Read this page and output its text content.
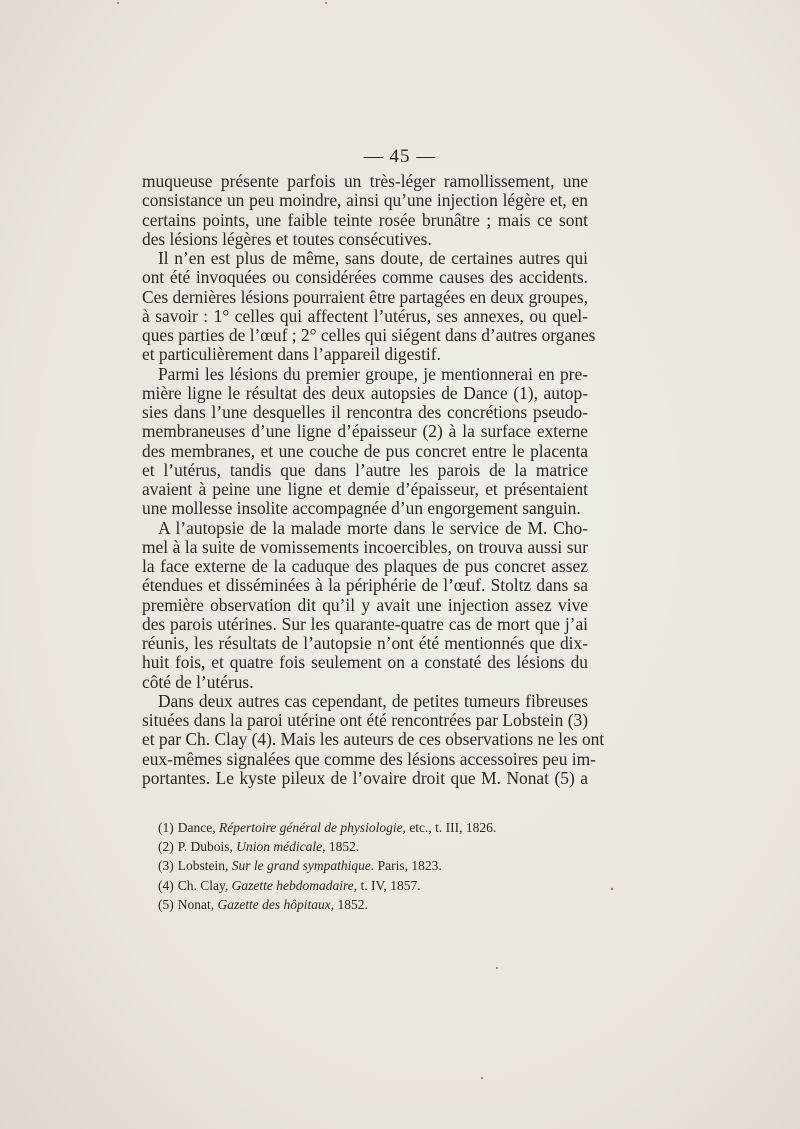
— 45 —

muqueuse présente parfois un très-léger ramollissement, une
consistance un peu moindre, ainsi qu’une injection légère et, en
certains points, une faible teinte rosée brunâtre ; mais ce sont
des lésions légères et toutes consécutives.

Il n’en est plus de même, sans doute, de certaines autres qui
ont été invoquées ou considérées comme causes des accidents.
Ces dernières lésions pourraient être partagées en deux groupes,
à savoir : 1° celles qui affectent l’utérus, ses annexes, ou quel-
ques parties de l’œuf ; 2° celles qui siégent dans d’autres organes
et particulièrement dans l’appareil digestif.

Parmi les lésions du premier groupe, je mentionnerai en pre-
mière ligne le résultat des deux autopsies de Dance (1), autop-
sies dans l’une desquelles il rencontra des concrétions pseudo-
membraneuses d’une ligne d’épaisseur (2) à la surface externe
des membranes, et une couche de pus concret entre le placenta
et l’utérus, tandis que dans l’autre les parois de la matrice
avaient à peine une ligne et demie d’épaisseur, et présentaient
une mollesse insolite accompagnée d’un engorgement sanguin.

A l’autopsie de la malade morte dans le service de M. Cho-
mel à la suite de vomissements incoercibles, on trouva aussi sur
la face externe de la caduque des plaques de pus concret assez
étendues et disséminées à la périphérie de l’œuf. Stoltz dans sa
première observation dit qu’il y avait une injection assez vive
des parois utérines. Sur les quarante-quatre cas de mort que j’ai
réunis, les résultats de l’autopsie n’ont été mentionnés que dix-
huit fois, et quatre fois seulement on a constaté des lésions du
côté de l’utérus.

Dans deux autres cas cependant, de petites tumeurs fibreuses
situées dans la paroi utérine ont été rencontrées par Lobstein (3)
et par Ch. Clay (4). Mais les auteurs de ces observations ne les ont
eux-mêmes signalées que comme des lésions accessoires peu im-
portantes. Le kyste pileux de l’ovaire droit que M. Nonat (5) a

(1) Dance, Répertoire général de physiologie, etc., t. III, 1826.
(2) P. Dubois, Union médicale, 1852.
(3) Lobstein, Sur le grand sympathique. Paris, 1823.
(4) Ch. Clay, Gazette hebdomadaire, t. IV, 1857.
(5) Nonat, Gazette des hôpitaux, 1852.
